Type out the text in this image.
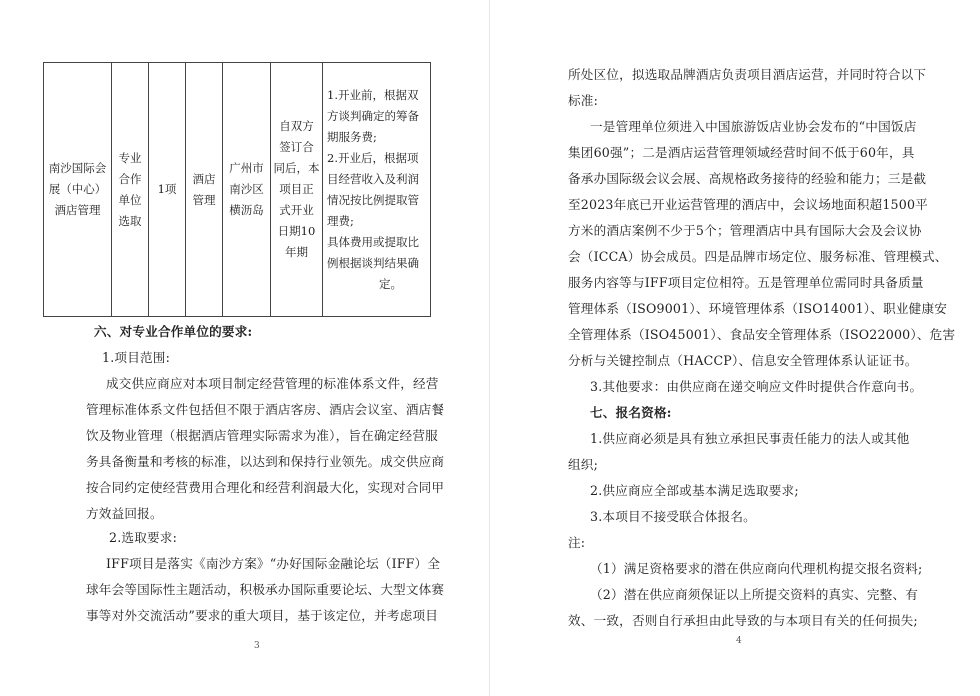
南沙国际会
展（中心）
酒店管理

专业
合作
单位
选取

1项

酒店
管理

广州市
南沙区
横沥岛

自双方
签订合
同后，本
项目正
式开业
日期10
年期

1.开业前，根据双
方谈判确定的筹备
期服务费;
2.开业后，根据项
目经营收入及利润
情况按比例提取管
理费;
具体费用或提取比
例根据谈判结果确
定。
六、对专业合作单位的要求:
1.项目范围:
成交供应商应对本项目制定经营管理的标准体系文件，经营
管理标准体系文件包括但不限于酒店客房、酒店会议室、酒店餐
饮及物业管理（根据酒店管理实际需求为准），旨在确定经营服
务具备衡量和考核的标准，以达到和保持行业领先。成交供应商
按合同约定使经营费用合理化和经营利润最大化，实现对合同甲
方效益回报。
2.选取要求:
IFF项目是落实《南沙方案》“办好国际金融论坛（IFF）全
球年会等国际性主题活动，积极承办国际重要论坛、大型文体赛
事等对外交流活动”要求的重大项目，基于该定位，并考虑项目
3
所处区位，拟选取品牌酒店负责项目酒店运营，并同时符合以下
标准:
一是管理单位须进入中国旅游饭店业协会发布的“中国饭店
集团60强”；二是酒店运营管理领域经营时间不低于60年，具
备承办国际级会议会展、高规格政务接待的经验和能力；三是截
至2023年底已开业运营管理的酒店中，会议场地面积超1500平
方米的酒店案例不少于5个；管理酒店中具有国际大会及会议协
会（ICCA）协会成员。四是品牌市场定位、服务标准、管理模式、
服务内容等与IFF项目定位相符。五是管理单位需同时具备质量
管理体系（ISO9001）、环境管理体系（ISO14001）、职业健康安
全管理体系（ISO45001）、食品安全管理体系（ISO22000）、危害
分析与关键控制点（HACCP）、信息安全管理体系认证证书。
3.其他要求：由供应商在递交响应文件时提供合作意向书。
七、报名资格:
1.供应商必须是具有独立承担民事责任能力的法人或其他
组织;
2.供应商应全部或基本满足选取要求;
3.本项目不接受联合体报名。
注:
（1）满足资格要求的潜在供应商向代理机构提交报名资料;
（2）潜在供应商须保证以上所提交资料的真实、完整、有
效、一致，否则自行承担由此导致的与本项目有关的任何损失;
4
